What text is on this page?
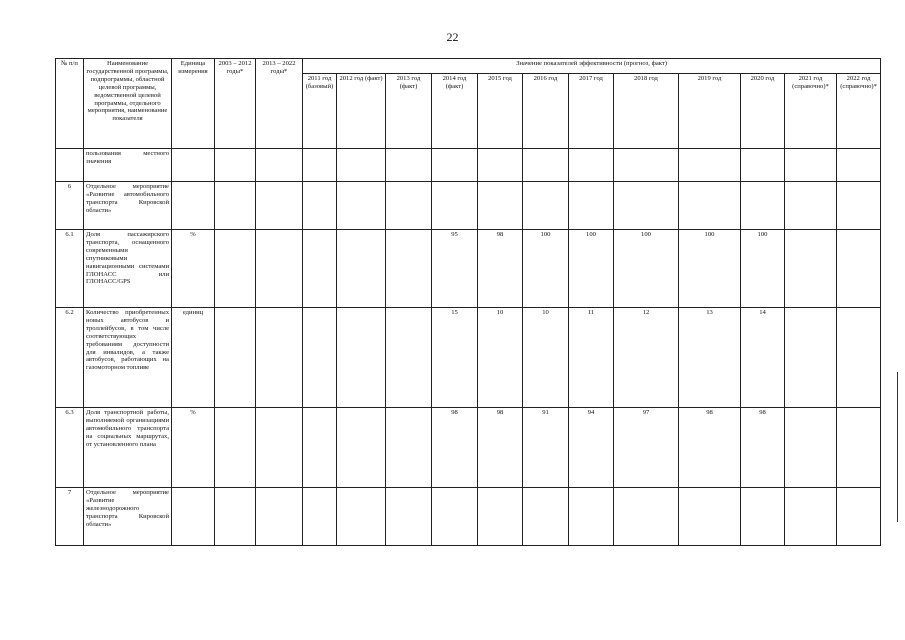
22
№ п/п	Наименование государственной программы, подпрограммы, областной целевой программы, ведомственной целевой программы, отдельного мероприятия, наименование показателя	Единица измерения	2003 – 2012 годы*	2013 – 2022 годы*	Значение показателей эффективности (прогноз, факт)											
					2011 год (базовый)	2012 год (факт)	2013 год (факт)	2014 год (факт)	2015 год	2016 год	2017 год	2018 год	2019 год	2020 год	2021 год (справочно)*	2022 год (справочно)*
	пользования местного значения															
6	Отдельное мероприятие «Развитие автомобильного транспорта Кировской области»															
6.1	Доля пассажирского транспорта, оснащенного современными спутниковыми навигационными системами ГЛОНАСС или ГЛОНАСС/GPS	%						95	98	100	100	100	100	100		
6.2	Количество приобретенных новых автобусов и троллейбусов, в том числе соответствующих требованиям доступности для инвалидов, а также автобусов, работающих на газомоторном топливе	единиц						15	10	10	11	12	13	14		
6.3	Доля транспортной работы, выполняемой организациями автомобильного транспорта на социальных маршрутах, от установленного плана	%						98	98	91	94	97	98	98		
7	Отдельное мероприятие «Развитие железнодорожного транспорта Кировской области»															
